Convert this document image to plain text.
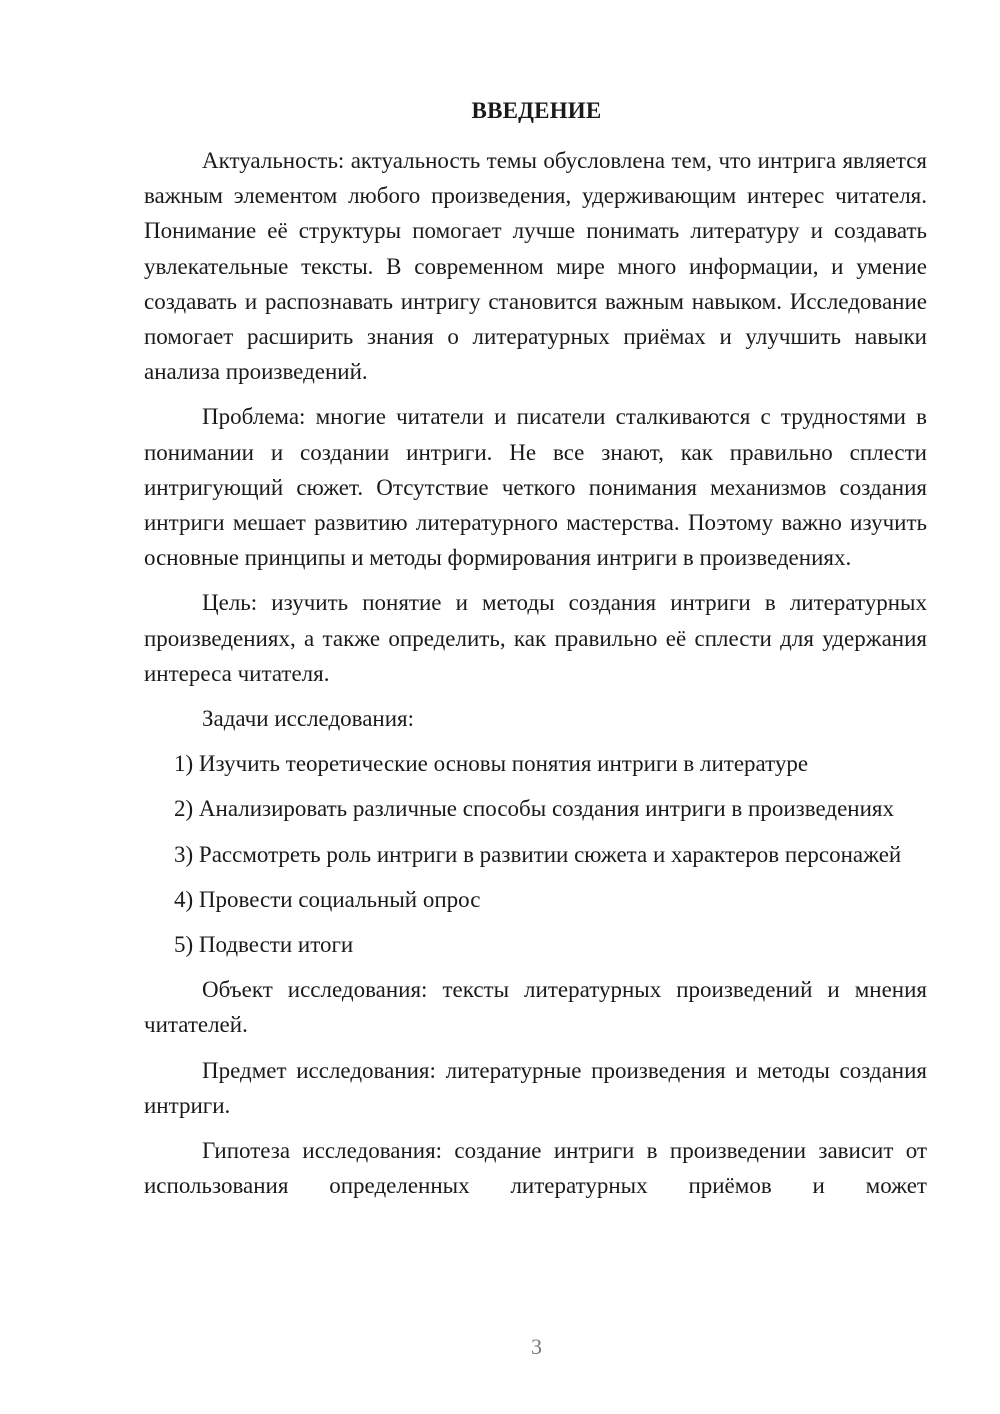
ВВЕДЕНИЕ

Актуальность: актуальность темы обусловлена тем, что интрига является важным элементом любого произведения, удерживающим интерес читателя. Понимание её структуры помогает лучше понимать литературу и создавать увлекательные тексты. В современном мире много информации, и умение создавать и распознавать интригу становится важным навыком. Исследование помогает расширить знания о литературных приёмах и улучшить навыки анализа произведений.

Проблема: многие читатели и писатели сталкиваются с трудностями в понимании и создании интриги. Не все знают, как правильно сплести интригующий сюжет. Отсутствие четкого понимания механизмов создания интриги мешает развитию литературного мастерства. Поэтому важно изучить основные принципы и методы формирования интриги в произведениях.

Цель: изучить понятие и методы создания интриги в литературных произведениях, а также определить, как правильно её сплести для удержания интереса читателя.

Задачи исследования:

1) Изучить теоретические основы понятия интриги в литературе

2) Анализировать различные способы создания интриги в произведениях

3) Рассмотреть роль интриги в развитии сюжета и характеров персонажей

4) Провести социальный опрос

5) Подвести итоги

Объект исследования: тексты литературных произведений и мнения читателей.

Предмет исследования: литературные произведения и методы создания интриги.

Гипотеза исследования: создание интриги в произведении зависит от использования определенных литературных приёмов и может

3
